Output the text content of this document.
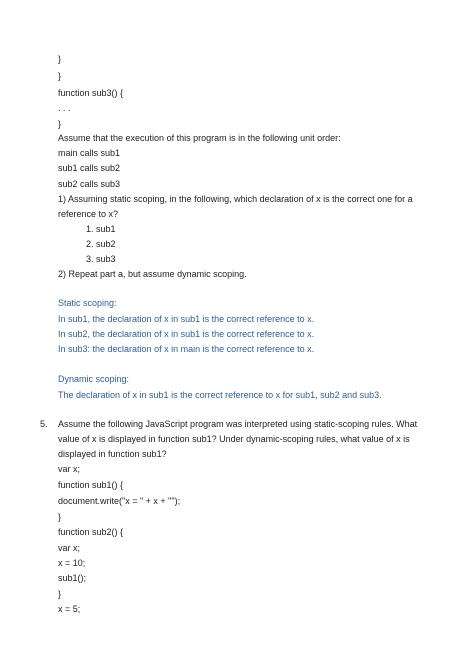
}
}
function sub3() {
. . .
}
Assume that the execution of this program is in the following unit order:
main calls sub1
sub1 calls sub2
sub2 calls sub3
1) Assuming static scoping, in the following, which declaration of x is the correct one for a
reference to x?
1. sub1
2. sub2
3. sub3
2) Repeat part a, but assume dynamic scoping.
Static scoping:
In sub1, the declaration of x in sub1 is the correct reference to x.
In sub2, the declaration of x in sub1 is the correct reference to x.
In sub3: the declaration of x in main is the correct reference to x.
Dynamic scoping:
The declaration of x in sub1 is the correct reference to x for sub1, sub2 and sub3.
5. Assume the following JavaScript program was interpreted using static-scoping rules. What
value of x is displayed in function sub1? Under dynamic-scoping rules, what value of x is
displayed in function sub1?
var x;
function sub1() {
document.write("x = " + x + "");
}
function sub2() {
var x;
x = 10;
sub1();
}
x = 5;
